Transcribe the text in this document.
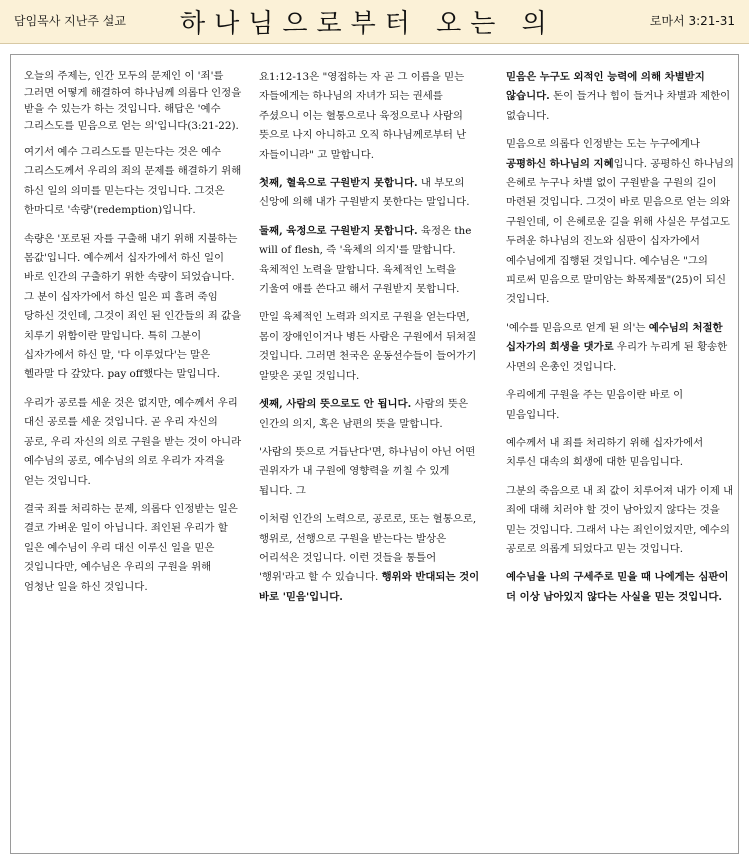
담임목사 지난주 설교 하나님으로부터 오는 의	로마서 3:21-31

오늘의 주제는, 인간 모두의 문제인 이 '죄'를 그러면 어떻게 해결하여 하나님께 의롭다 인정을 받을 수 있는가 하는 것입니다. 해답은 '예수 그리스도를 믿음으로 얻는 의'입니다(3:21-22).

여기서 예수 그리스도를 믿는다는 것은 예수 그리스도께서 우리의 죄의 문제를 해결하기 위해 하신 일의 의미를 믿는다는 것입니다. 그것은 한마디로 '속량'(redemption)입니다.

속량은 '포로된 자를 구출해 내기 위해 지불하는 몸값'입니다. 예수께서 십자가에서 하신 일이 바로 인간의 구출하기 위한 속량이 되었습니다. 그 분이 십자가에서 하신 일은 피 흘려 죽임 당하신 것인데, 그것이 죄인 된 인간들의 죄 값을 치루기 위함이란 말입니다. 특히 그분이 십자가에서 하신 말, '다 이루었다'는 말은 헬라말 다 갚았다. pay off했다는 말입니다.

우리가 공로를 세운 것은 없지만, 예수께서 우리 대신 공로를 세운 것입니다. 곧 우리 자신의 공로, 우리 자신의 의로 구원을 받는 것이 아니라 예수님의 공로, 예수님의 의로 우리가 자격을 얻는 것입니다.

결국 죄를 처리하는 문제, 의롭다 인정받는 일은 결코 가벼운 일이 아닙니다. 죄인된 우리가 할 일은 예수님이 우리 대신 이루신 일을 믿은 것입니다만, 예수님은 우리의 구원을 위해 엄청난 일을 하신 것입니다.

요1:12-13은 "영접하는 자 곧 그 이름을 믿는 자들에게는 하나님의 자녀가 되는 권세를 주셨으니 이는 혈통으로나 육정으로나 사람의 뜻으로 나지 아니하고 오직 하나님께로부터 난 자들이니라" 고 말합니다.

첫째, 혈육으로 구원받지 못합니다. 내 부모의 신앙에 의해 내가 구원받지 못한다는 말입니다.

둘째, 육정으로 구원받지 못합니다. 육정은 the will of flesh, 즉 '육체의 의지'를 말합니다. 육체적인 노력을 말합니다. 육체적인 노력을 기울여 애를 쓴다고 해서 구원받지 못합니다.

만일 육체적인 노력과 의지로 구원을 얻는다면, 몸이 장애인이거나 병든 사람은 구원에서 뒤쳐질 것입니다. 그러면 천국은 운동선수들이 들어가기 알맞은 곳일 것입니다.

셋째, 사람의 뜻으로도 안 됩니다. 사람의 뜻은 인간의 의지, 혹은 남편의 뜻을 말합니다.

'사람의 뜻으로 거듭난다'면, 하나님이 아닌 어떤 권위자가 내 구원에 영향력을 끼칠 수 있게 됩니다. 그

이처럼 인간의 노력으로, 공로로, 또는 혈통으로, 행위로, 선행으로 구원을 받는다는 발상은 어리석은 것입니다. 이런 것들을 통틀어 '행위'라고 할 수 있습니다. 행위와 반대되는 것이 바로 '믿음'입니다.

믿음은 누구도 외적인 능력에 의해 차별받지 않습니다. 돈이 들거나 힘이 들거나 차별과 제한이 없습니다.

믿음으로 의롭다 인정받는 도는 누구에게나 공평하신 하나님의 지혜입니다. 공평하신 하나님의 은혜로 누구나 차별 없이 구원받을 구원의 길이 마련된 것입니다. 그것이 바로 믿음으로 얻는 의와 구원인데, 이 은혜로운 길을 위해 사실은 무섭고도 두려운 하나님의 진노와 심판이 십자가에서 예수님에게 집행된 것입니다. 예수님은 "그의 피로써 믿음으로 말미암는 화목제물"(25)이 되신 것입니다.

'예수를 믿음으로 얻게 된 의'는 예수님의 처절한 십자가의 희생을 댓가로 우리가 누리게 된 황송한 사면의 은총인 것입니다.

우리에게 구원을 주는 믿음이란 바로 이 믿음입니다.

예수께서 내 죄를 처리하기 위해 십자가에서 치루신 대속의 희생에 대한 믿음입니다.

그분의 죽음으로 내 죄 값이 치루어져 내가 이제 내 죄에 대해 치러야 할 것이 남아있지 않다는 것을 믿는 것입니다. 그래서 나는 죄인이었지만, 예수의 공로로 의롭게 되었다고 믿는 것입니다.

예수님을 나의 구세주로 믿을 때 나에게는 심판이 더 이상 남아있지 않다는 사실을 믿는 것입니다.
